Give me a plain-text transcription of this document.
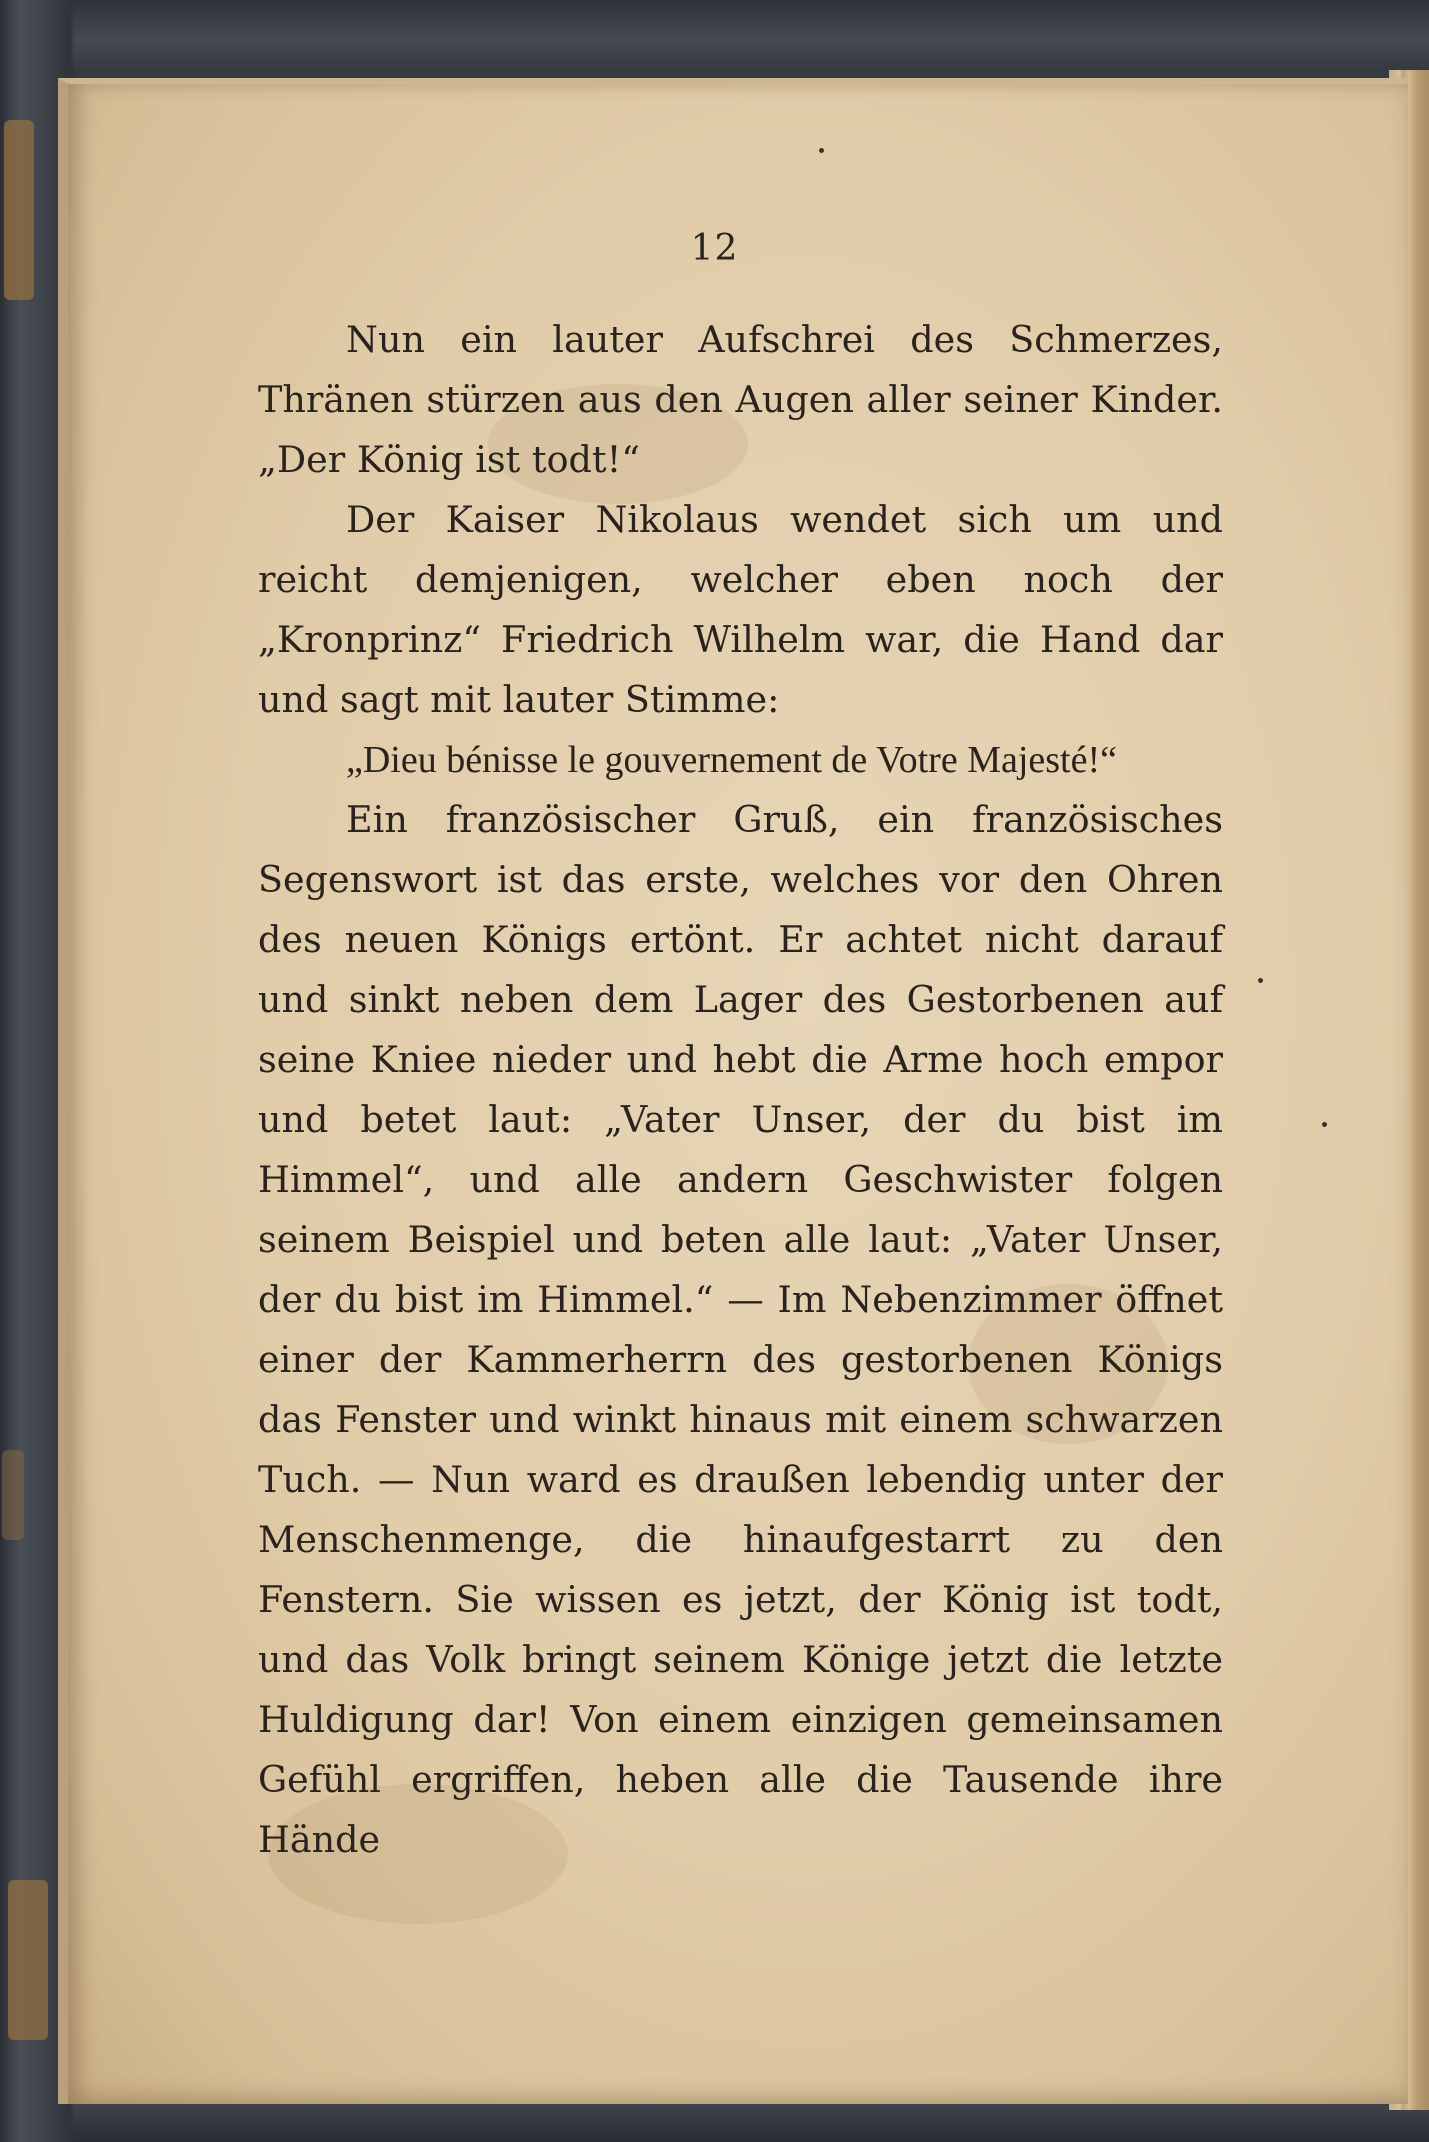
12

Nun ein lauter Aufschrei des Schmerzes, Thränen stürzen aus den Augen aller seiner Kinder. „Der König ist todt!“

Der Kaiser Nikolaus wendet sich um und reicht demjenigen, welcher eben noch der „Kronprinz“ Friedrich Wilhelm war, die Hand dar und sagt mit lauter Stimme:

„Dieu bénisse le gouvernement de Votre Majesté!“

Ein französischer Gruß, ein französisches Segenswort ist das erste, welches vor den Ohren des neuen Königs ertönt. Er achtet nicht darauf und sinkt neben dem Lager des Gestorbenen auf seine Kniee nieder und hebt die Arme hoch empor und betet laut: „Vater Unser, der du bist im Himmel“, und alle andern Geschwister folgen seinem Beispiel und beten alle laut: „Vater Unser, der du bist im Himmel.“ — Im Nebenzimmer öffnet einer der Kammerherrn des gestorbenen Königs das Fenster und winkt hinaus mit einem schwarzen Tuch. — Nun ward es draußen lebendig unter der Menschenmenge, die hinaufgestarrt zu den Fenstern. Sie wissen es jetzt, der König ist todt, und das Volk bringt seinem Könige jetzt die letzte Huldigung dar! Von einem einzigen gemeinsamen Gefühl ergriffen, heben alle die Tausende ihre Hände
